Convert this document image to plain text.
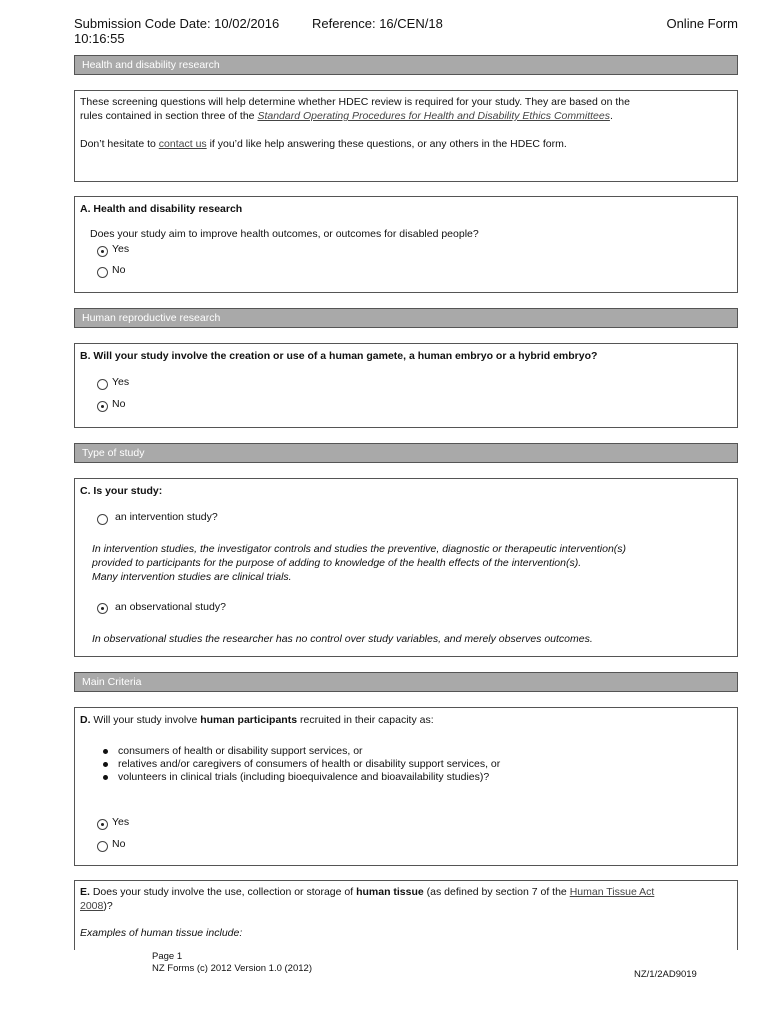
Submission Code Date: 10/02/2016
10:16:55
Reference: 16/CEN/18	Online Form
Health and disability research
These screening questions will help determine whether HDEC review is required for your study. They are based on the
rules contained in section three of the Standard Operating Procedures for Health and Disability Ethics Committees.
Don’t hesitate to contact us if you’d like help answering these questions, or any others in the HDEC form.
A. Health and disability research
Does your study aim to improve health outcomes, or outcomes for disabled people?
Yes
No
Human reproductive research
B. Will your study involve the creation or use of a human gamete, a human embryo or a hybrid embryo?
Yes
No
Type of study
C. Is your study:
an intervention study?
In intervention studies, the investigator controls and studies the preventive, diagnostic or therapeutic intervention(s)
provided to participants for the purpose of adding to knowledge of the health effects of the intervention(s).
Many intervention studies are clinical trials.
an observational study?
In observational studies the researcher has no control over study variables, and merely observes outcomes.
Main Criteria
D. Will your study involve human participants recruited in their capacity as:
consumers of health or disability support services, or
relatives and/or caregivers of consumers of health or disability support services, or
volunteers in clinical trials (including bioequivalence and bioavailability studies)?
Yes
No
E. Does your study involve the use, collection or storage of human tissue (as defined by section 7 of the Human Tissue Act
2008)?
Examples of human tissue include:
Page 1
NZ Forms (c) 2012 Version 1.0 (2012)
NZ/1/2AD9019
